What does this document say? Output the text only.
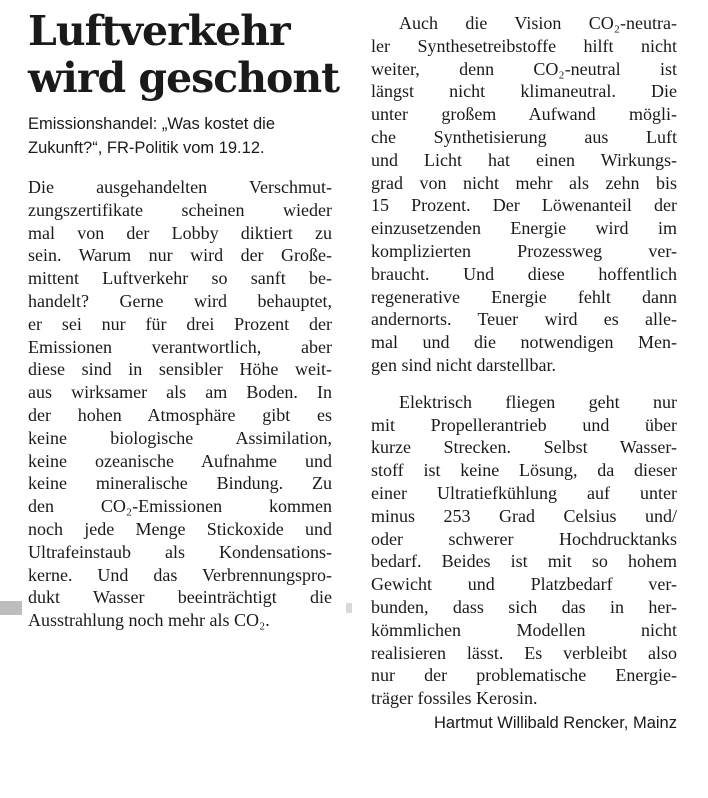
Luftverkehr
wird geschont
Emissionshandel: „Was kostet die
Zukunft?“, FR-Politik vom 19.12.
Die ausgehandelten Verschmut-
zungszertifikate scheinen wieder
mal von der Lobby diktiert zu
sein. Warum nur wird der Große-
mittent Luftverkehr so sanft be-
handelt? Gerne wird behauptet,
er sei nur für drei Prozent der
Emissionen verantwortlich, aber
diese sind in sensibler Höhe weit-
aus wirksamer als am Boden. In
der hohen Atmosphäre gibt es
keine biologische Assimilation,
keine ozeanische Aufnahme und
keine mineralische Bindung. Zu
den CO₂-Emissionen kommen
noch jede Menge Stickoxide und
Ultrafeinstaub als Kondensations-
kerne. Und das Verbrennungspro-
dukt Wasser beeinträchtigt die
Ausstrahlung noch mehr als CO₂.
Auch die Vision CO₂-neutra-
ler Synthesetreibstoffe hilft nicht
weiter, denn CO₂-neutral ist
längst nicht klimaneutral. Die
unter großem Aufwand mögli-
che Synthetisierung aus Luft
und Licht hat einen Wirkungs-
grad von nicht mehr als zehn bis
15 Prozent. Der Löwenanteil der
einzusetzenden Energie wird im
komplizierten Prozessweg ver-
braucht. Und diese hoffentlich
regenerative Energie fehlt dann
andernorts. Teuer wird es alle-
mal und die notwendigen Men-
gen sind nicht darstellbar.
Elektrisch fliegen geht nur
mit Propellerantrieb und über
kurze Strecken. Selbst Wasser-
stoff ist keine Lösung, da dieser
einer Ultratiefkühlung auf unter
minus 253 Grad Celsius und/
oder schwerer Hochdrucktanks
bedarf. Beides ist mit so hohem
Gewicht und Platzbedarf ver-
bunden, dass sich das in her-
kömmlichen Modellen nicht
realisieren lässt. Es verbleibt also
nur der problematische Energie-
träger fossiles Kerosin.
Hartmut Willibald Rencker, Mainz
